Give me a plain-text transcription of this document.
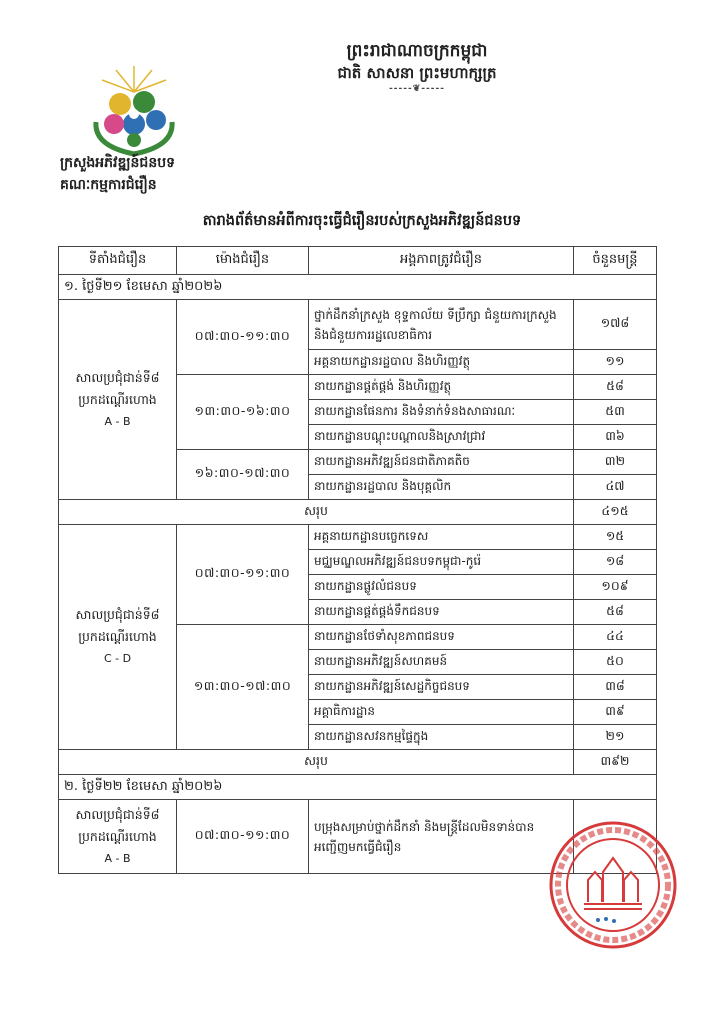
ព្រះរាជាណាចក្រកម្ពុជា
ជាតិ សាសនា ព្រះមហាក្សត្រ
-----❦-----
ក្រសួងអភិវឌ្ឍន៍ជនបទ
គណៈកម្មការជំរឿន
តារាងព័ត៌មានអំពីការចុះធ្វើជំរឿនរបស់ក្រសួងអភិវឌ្ឍន៍ជនបទ
ទីតាំងជំរឿន	ម៉ោងជំរឿន	អង្គភាពត្រូវជំរឿន	ចំនួនមន្ត្រី
១. ថ្ងៃទី២១ ខែមេសា ឆ្នាំ២០២៦			
សាលប្រជុំជាន់ទី៨
ប្រកដណ្តើរហោង
A - B	០៧:៣០-១១:៣០	ថ្នាក់ដឹកនាំក្រសួង ខុទ្ទកាល័យ ទីប្រឹក្សា ជំនួយការក្រសួង និងជំនួយការរដ្ឋលេខាធិការ	១៧៨
		អគ្គនាយកដ្ឋានរដ្ឋបាល និងហិរញ្ញវត្ថុ	១១
	១៣:៣០-១៦:៣០	នាយកដ្ឋានផ្គត់ផ្គង់ និងហិរញ្ញវត្ថុ	៥៨
		នាយកដ្ឋានផែនការ និងទំនាក់ទំនងសាធារណៈ	៥៣
		នាយកដ្ឋានបណ្តុះបណ្តាលនិងស្រាវជ្រាវ	៣៦
	១៦:៣០-១៧:៣០	នាយកដ្ឋានអភិវឌ្ឍន៍ជនជាតិភាគតិច	៣២
		នាយកដ្ឋានរដ្ឋបាល និងបុគ្គលិក	៤៧
សរុប			៤១៥
សាលប្រជុំជាន់ទី៨
ប្រកដណ្តើរហោង
C - D	០៧:៣០-១១:៣០	អគ្គនាយកដ្ឋានបច្ចេកទេស	១៥
		មជ្ឈមណ្ឌលអភិវឌ្ឍន៍ជនបទកម្ពុជា-កូរ៉េ	១៨
		នាយកដ្ឋានផ្លូវលំជនបទ	១០៩
		នាយកដ្ឋានផ្គត់ផ្គង់ទឹកជនបទ	៥៨
	១៣:៣០-១៧:៣០	នាយកដ្ឋានថែទាំសុខភាពជនបទ	៤៤
		នាយកដ្ឋានអភិវឌ្ឍន៍សហគមន៍	៥០
		នាយកដ្ឋានអភិវឌ្ឍន៍សេដ្ឋកិច្ចជនបទ	៣៨
		អគ្គាធិការដ្ឋាន	៣៩
		នាយកដ្ឋានសវនកម្មផ្ទៃក្នុង	២១
សរុប			៣៩២
២. ថ្ងៃទី២២ ខែមេសា ឆ្នាំ២០២៦			
សាលប្រជុំជាន់ទី៨
ប្រកដណ្តើរហោង
A - B	០៧:៣០-១១:៣០	បម្រុងសម្រាប់ថ្នាក់ដឹកនាំ និងមន្ត្រីដែលមិនទាន់បានអញ្ជើញមកធ្វើជំរឿន	
